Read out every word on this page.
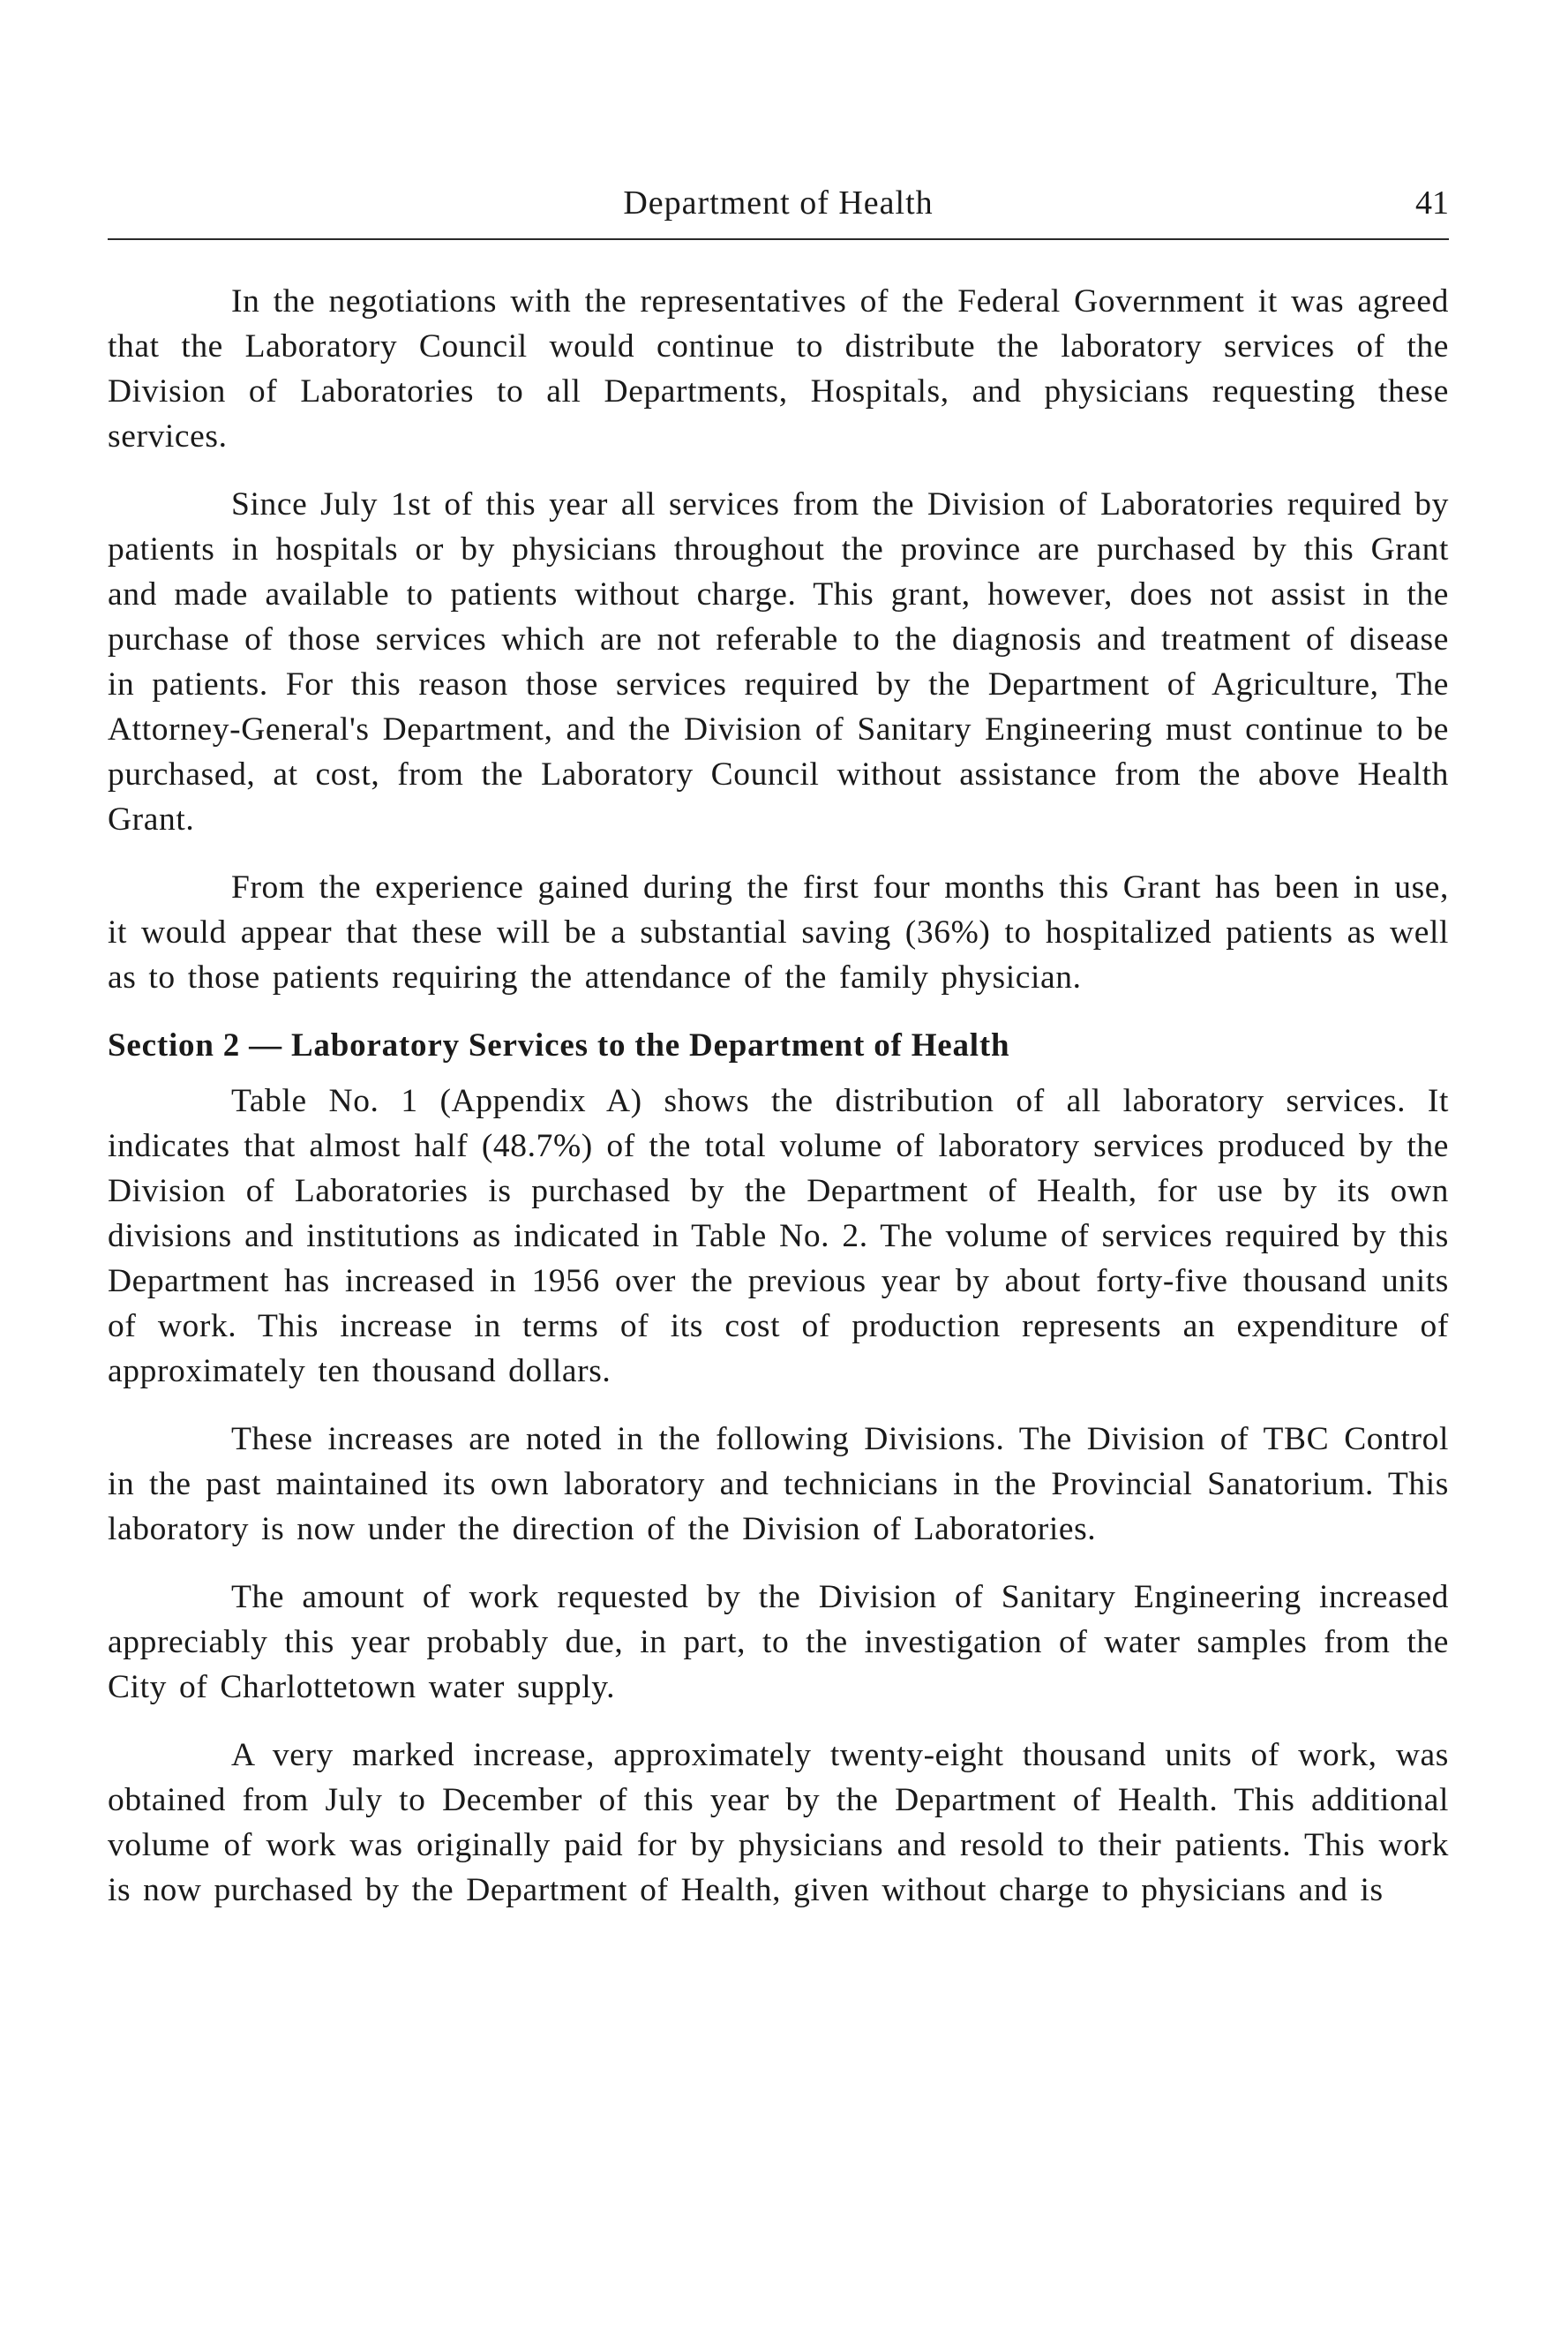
Department of Health	41

In the negotiations with the representatives of the Federal Government it was agreed that the Laboratory Council would continue to distribute the laboratory services of the Division of Laboratories to all Departments, Hospitals, and physicians requesting these services.

Since July 1st of this year all services from the Division of Laboratories required by patients in hospitals or by physicians throughout the province are purchased by this Grant and made available to patients without charge. This grant, however, does not assist in the purchase of those services which are not referable to the diagnosis and treatment of disease in patients. For this reason those services required by the Department of Agriculture, The Attorney-General's Department, and the Division of Sanitary Engineering must continue to be purchased, at cost, from the Laboratory Council without assistance from the above Health Grant.

From the experience gained during the first four months this Grant has been in use, it would appear that these will be a substantial saving (36%) to hospitalized patients as well as to those patients requiring the attendance of the family physician.

Section 2 — Laboratory Services to the Department of Health

Table No. 1 (Appendix A) shows the distribution of all laboratory services. It indicates that almost half (48.7%) of the total volume of laboratory services produced by the Division of Laboratories is purchased by the Department of Health, for use by its own divisions and institutions as indicated in Table No. 2. The volume of services required by this Department has increased in 1956 over the previous year by about forty-five thousand units of work. This increase in terms of its cost of production represents an expenditure of approximately ten thousand dollars.

These increases are noted in the following Divisions. The Division of TBC Control in the past maintained its own laboratory and technicians in the Provincial Sanatorium. This laboratory is now under the direction of the Division of Laboratories.

The amount of work requested by the Division of Sanitary Engineering increased appreciably this year probably due, in part, to the investigation of water samples from the City of Charlottetown water supply.

A very marked increase, approximately twenty-eight thousand units of work, was obtained from July to December of this year by the Department of Health. This additional volume of work was originally paid for by physicians and resold to their patients. This work is now purchased by the Department of Health, given without charge to physicians and is
